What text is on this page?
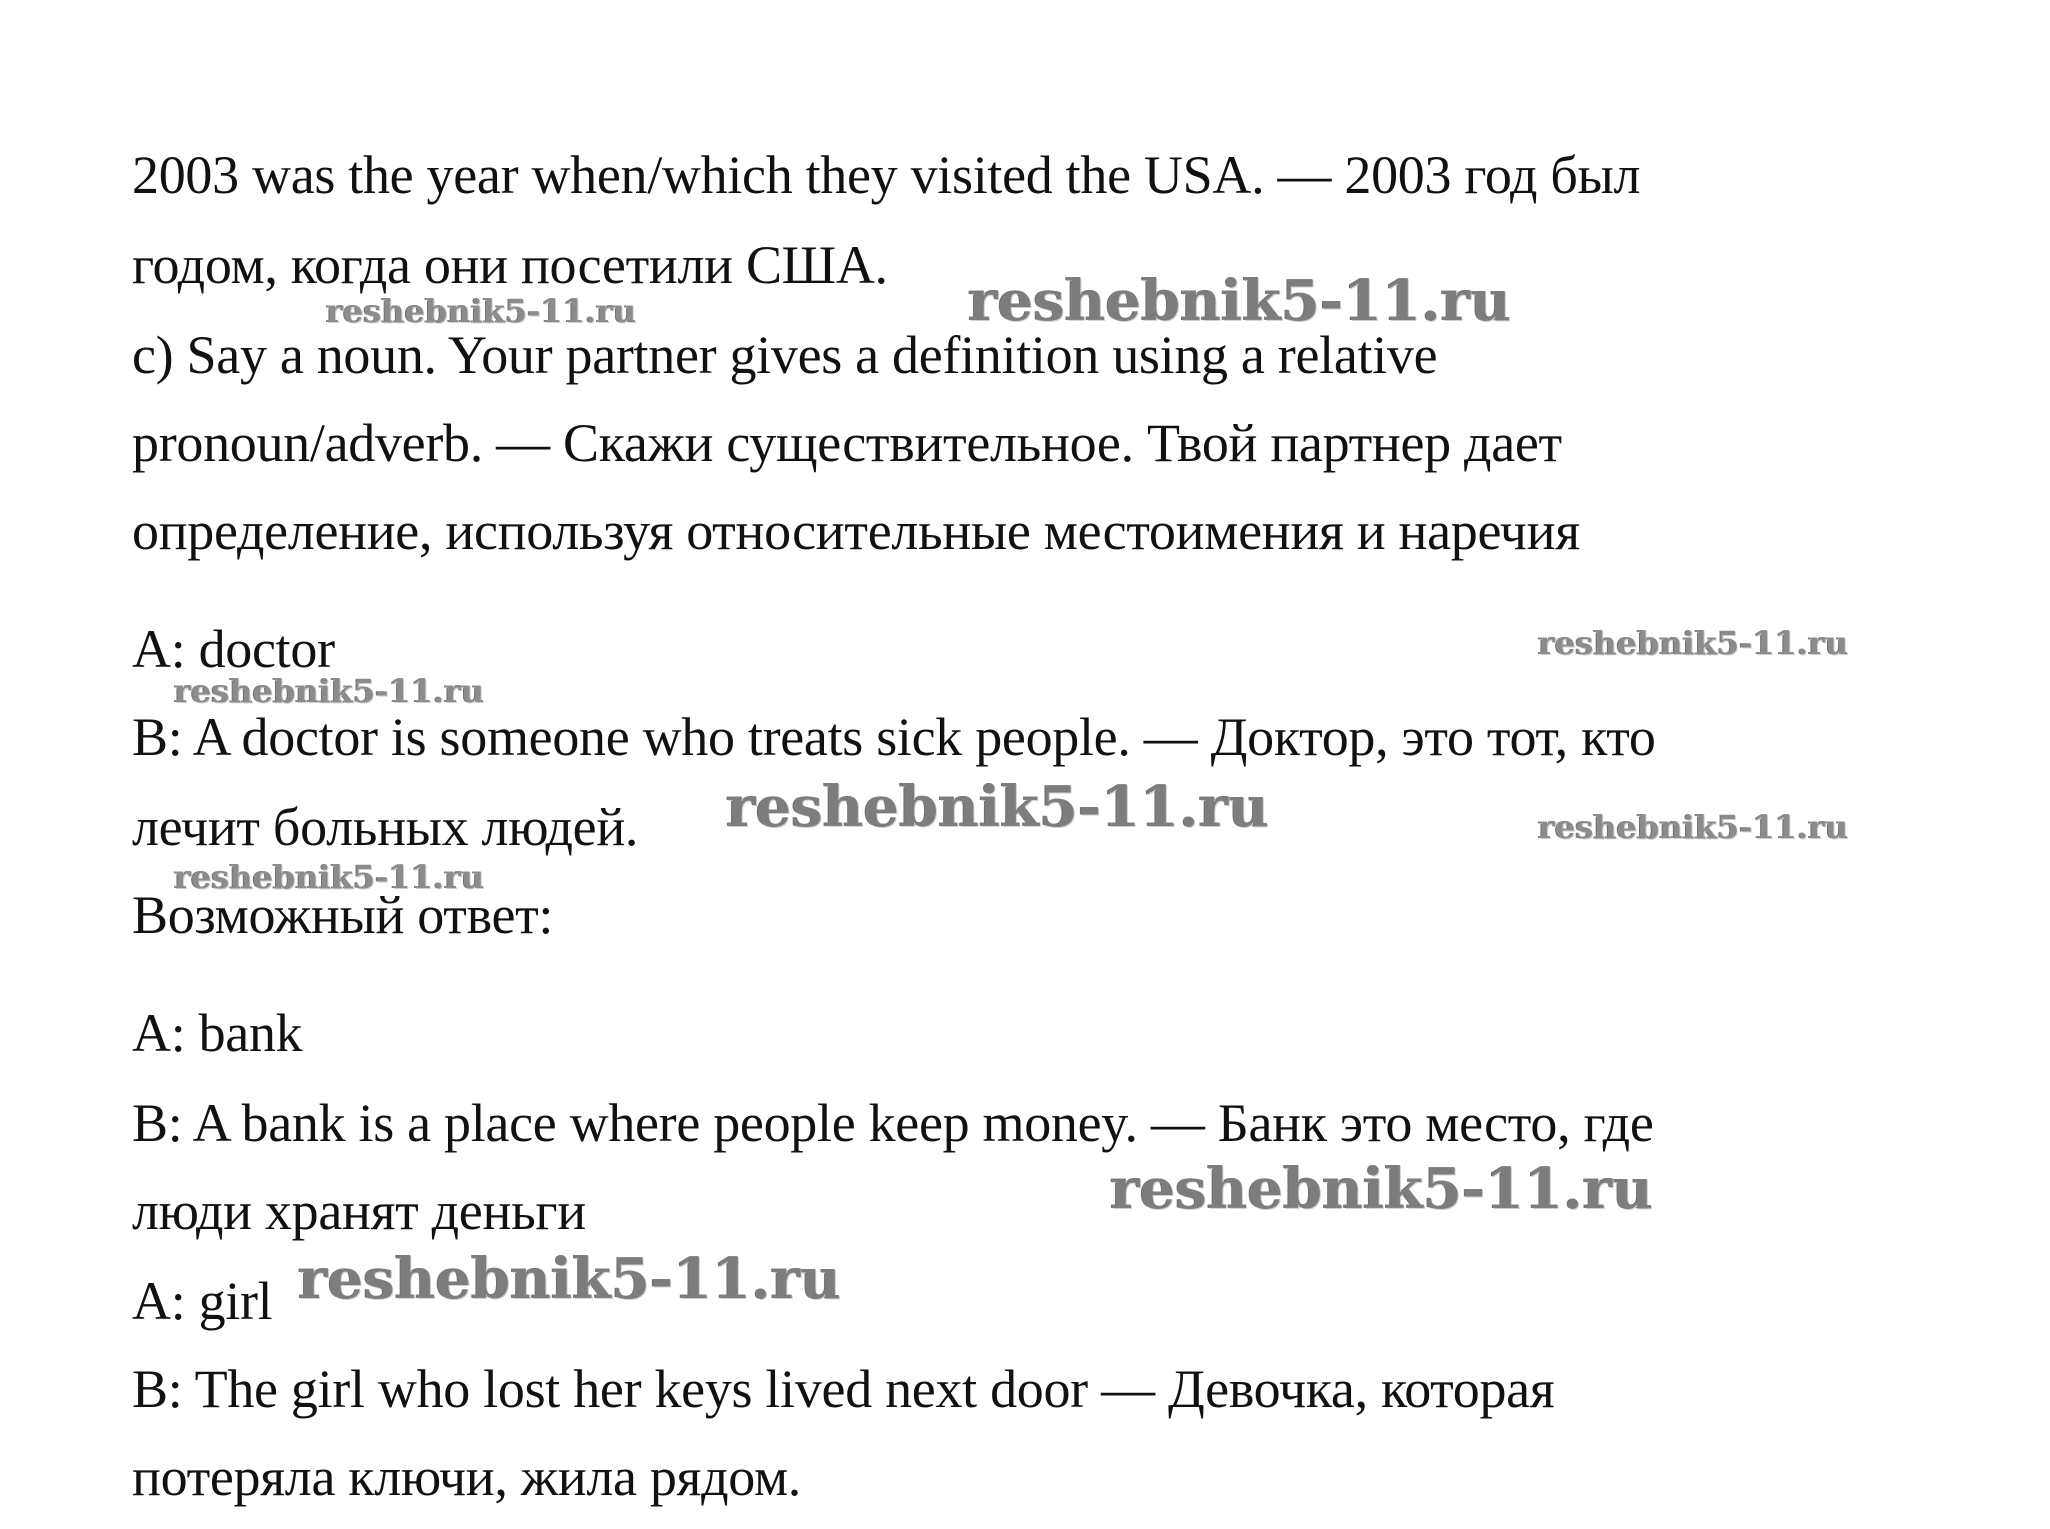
2003 was the year when/which they visited the USA. — 2003 год был
годом, когда они посетили США.
c) Say a noun. Your partner gives a definition using a relative
pronoun/adverb. — Скажи существительное. Твой партнер дает
определение, используя относительные местоимения и наречия
A: doctor
B: A doctor is someone who treats sick people. — Доктор, это тот, кто
лечит больных людей.
Возможный ответ:
A: bank
B: A bank is a place where people keep money. — Банк это место, где
люди хранят деньги
A: girl
B: The girl who lost her keys lived next door — Девочка, которая
потеряла ключи, жила рядом.
reshebnik5-11.ru
reshebnik5-11.ru
reshebnik5-11.ru
reshebnik5-11.ru
reshebnik5-11.ru	reshebnik5-11.ru
reshebnik5-11.ru
reshebnik5-11.ru
reshebnik5-11.ru
